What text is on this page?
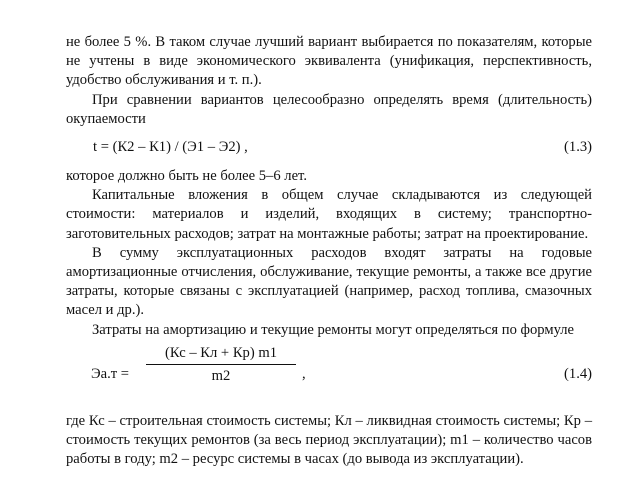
не более 5 %. В таком случае лучший вариант выбирается по показателям, которые не учтены в виде экономического эквивалента (унификация, перспективность, удобство обслуживания и т. п.).

При сравнении вариантов целесообразно определять время (длительность) окупаемости

t = (К2 – К1) / (Э1 – Э2) ,	(1.3)

которое должно быть не более 5–6 лет.

Капитальные вложения в общем случае складываются из следующей стоимости: материалов и изделий, входящих в систему; транспортно-заготовительных расходов; затрат на монтажные работы; затрат на проектирование.

В сумму эксплуатационных расходов входят затраты на годовые амортизационные отчисления, обслуживание, текущие ремонты, а также все другие затраты, которые связаны с эксплуатацией (например, расход топлива, смазочных масел и др.).

Затраты на амортизацию и текущие ремонты могут определяться по формуле

Эа.т =
(Кс – Кл + Кр) m1
m2	,	(1.4)

где Кс – строительная стоимость системы; Кл – ликвидная стоимость системы; Кр – стоимость текущих ремонтов (за весь период эксплуатации); m1 – количество часов работы в году; m2 – ресурс системы в часах (до вывода из эксплуатации).
